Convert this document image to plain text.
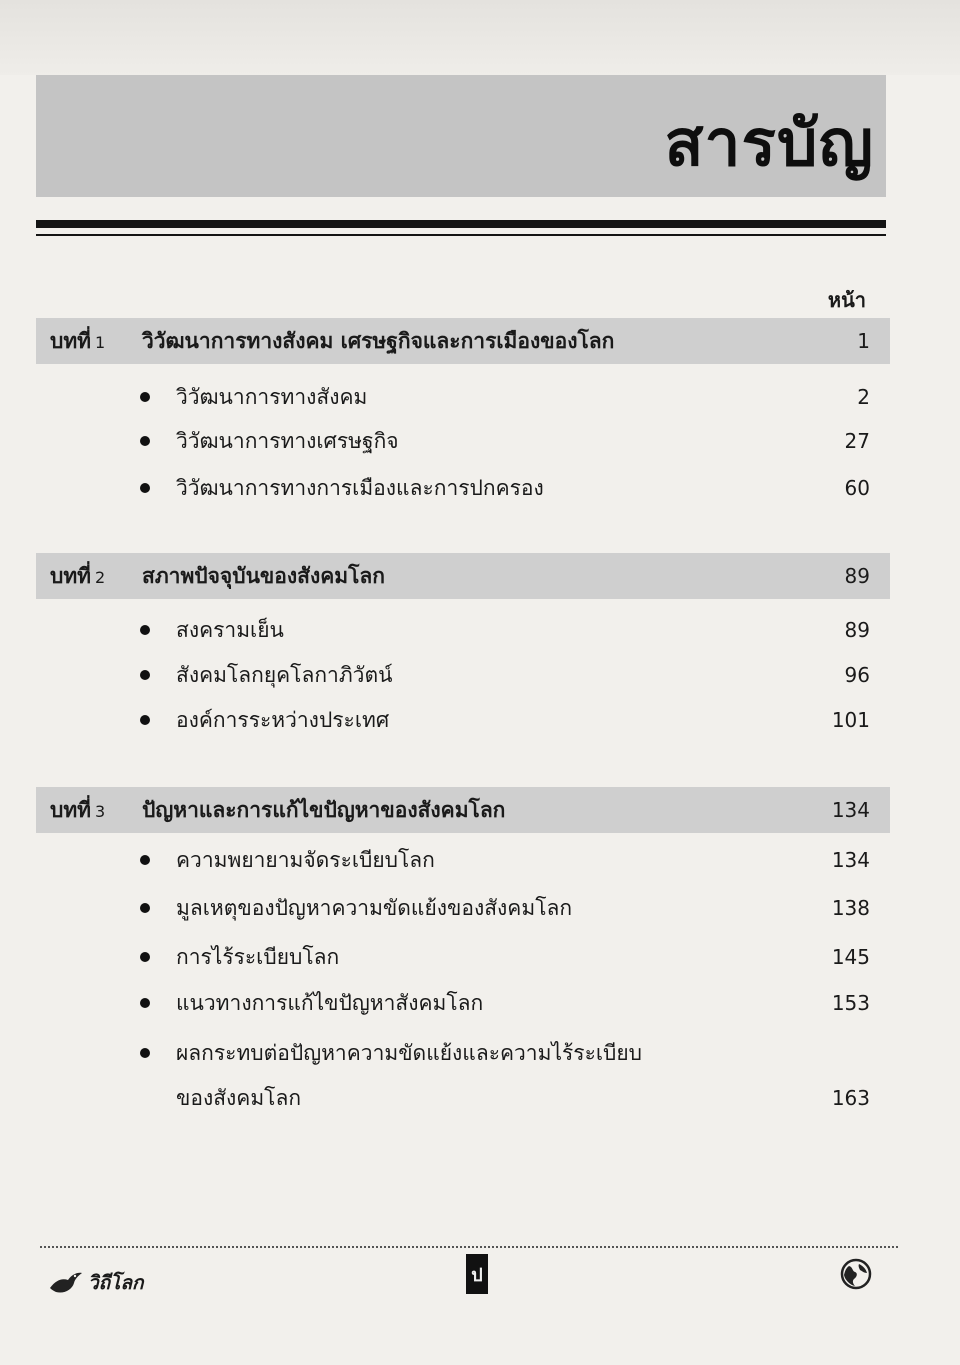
สารบัญ
หน้า
บทที่ 1 วิวัฒนาการทางสังคม เศรษฐกิจและการเมืองของโลก	1
วิวัฒนาการทางสังคม	2
วิวัฒนาการทางเศรษฐกิจ	27
วิวัฒนาการทางการเมืองและการปกครอง	60
บทที่ 2 สภาพปัจจุบันของสังคมโลก	89
สงครามเย็น	89
สังคมโลกยุคโลกาภิวัตน์	96
องค์การระหว่างประเทศ	101
บทที่ 3 ปัญหาและการแก้ไขปัญหาของสังคมโลก	134
ความพยายามจัดระเบียบโลก	134
มูลเหตุของปัญหาความขัดแย้งของสังคมโลก	138
การไร้ระเบียบโลก	145
แนวทางการแก้ไขปัญหาสังคมโลก	153
ผลกระทบต่อปัญหาความขัดแย้งและความไร้ระเบียบ
ของสังคมโลก	163
วิถีโลก	ป
